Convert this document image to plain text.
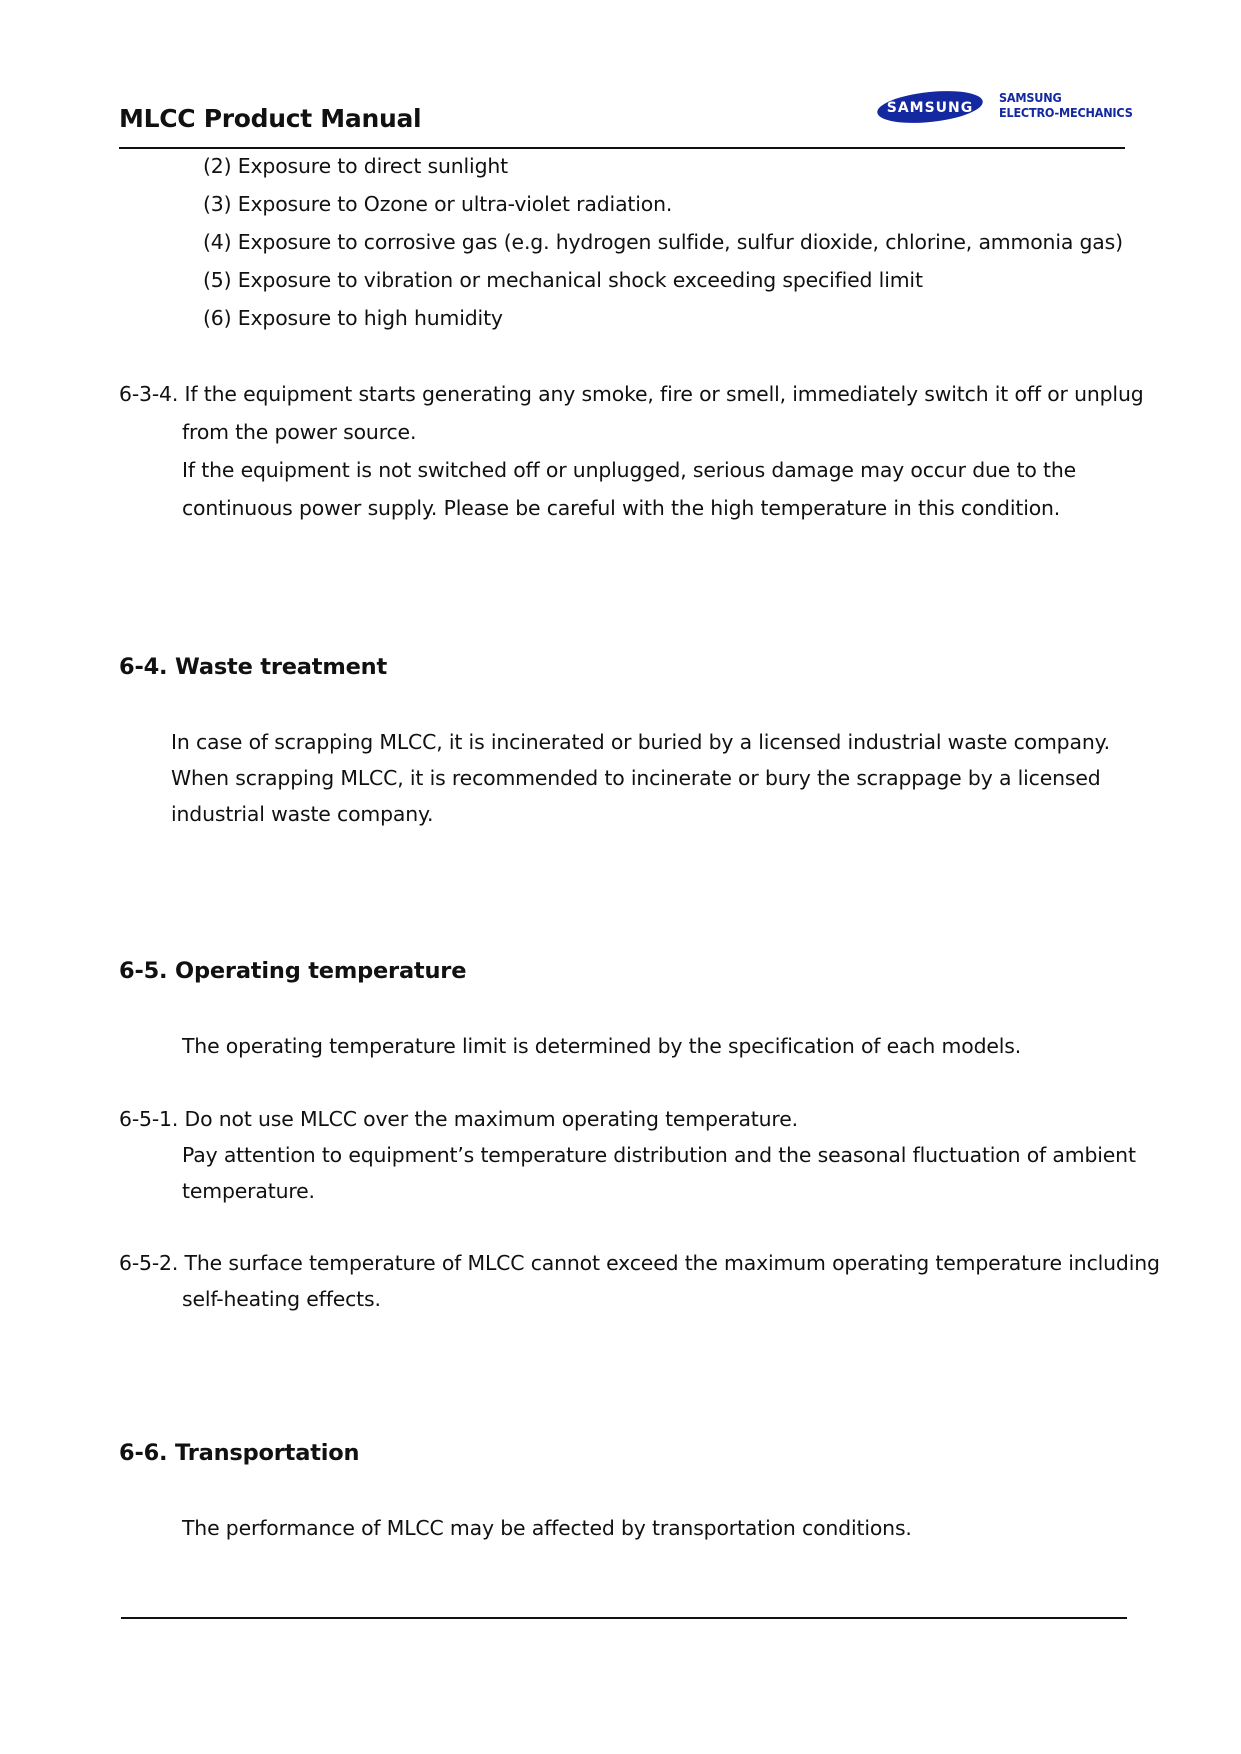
MLCC Product Manual	SAMSUNG
SAMSUNG
ELECTRO-MECHANICS
(2) Exposure to direct sunlight
(3) Exposure to Ozone or ultra-violet radiation.
(4) Exposure to corrosive gas (e.g. hydrogen sulfide, sulfur dioxide, chlorine, ammonia gas)
(5) Exposure to vibration or mechanical shock exceeding specified limit
(6) Exposure to high humidity
6-3-4. If the equipment starts generating any smoke, fire or smell, immediately switch it off or unplug
from the power source.
If the equipment is not switched off or unplugged, serious damage may occur due to the
continuous power supply. Please be careful with the high temperature in this condition.
6-4. Waste treatment
In case of scrapping MLCC, it is incinerated or buried by a licensed industrial waste company.
When scrapping MLCC, it is recommended to incinerate or bury the scrappage by a licensed
industrial waste company.
6-5. Operating temperature
The operating temperature limit is determined by the specification of each models.
6-5-1. Do not use MLCC over the maximum operating temperature.
Pay attention to equipment’s temperature distribution and the seasonal fluctuation of ambient
temperature.
6-5-2. The surface temperature of MLCC cannot exceed the maximum operating temperature including
self-heating effects.
6-6. Transportation
The performance of MLCC may be affected by transportation conditions.
